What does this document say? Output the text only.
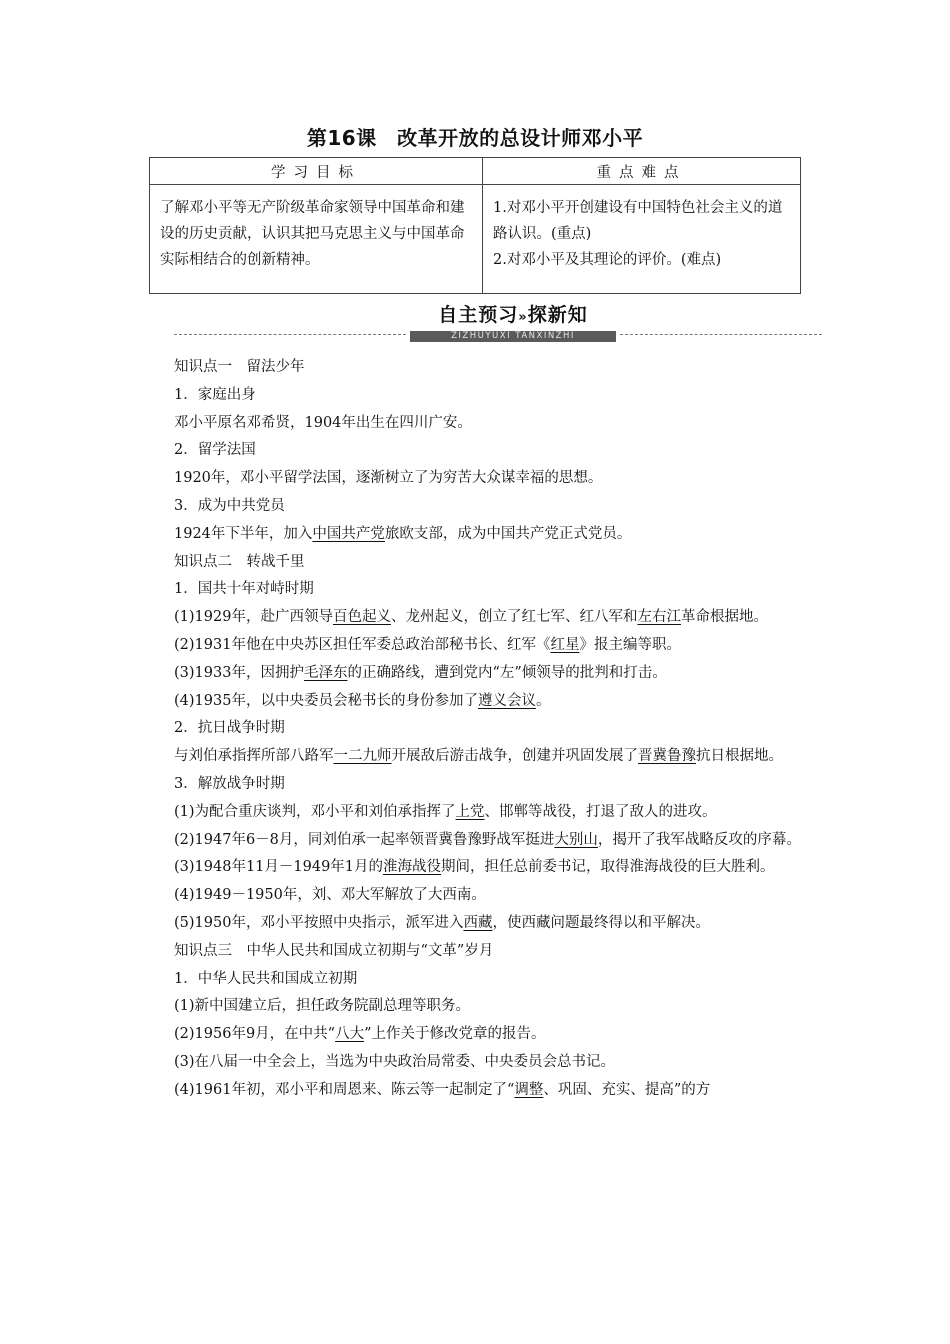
第16课　改革开放的总设计师邓小平
学习目标	重点难点
了解邓小平等无产阶级革命家领导中国革命和建设的历史贡献，认识其把马克思主义与中国革命实际相结合的创新精神。	1.对邓小平开创建设有中国特色社会主义的道路认识。(重点)
2.对邓小平及其理论的评价。(难点)
自主预习»探新知
ZIZHUYUXI TANXINZHI

知识点一　留法少年

1．家庭出身

邓小平原名邓希贤，1904年出生在四川广安。

2．留学法国

1920年，邓小平留学法国，逐渐树立了为穷苦大众谋幸福的思想。

3．成为中共党员

1924年下半年，加入中国共产党旅欧支部，成为中国共产党正式党员。

知识点二　转战千里

1．国共十年对峙时期

(1)1929年，赴广西领导百色起义、龙州起义，创立了红七军、红八军和左右江革命根据地。

(2)1931年他在中央苏区担任军委总政治部秘书长、红军《红星》报主编等职。

(3)1933年，因拥护毛泽东的正确路线，遭到党内“左”倾领导的批判和打击。

(4)1935年，以中央委员会秘书长的身份参加了遵义会议。

2．抗日战争时期

与刘伯承指挥所部八路军一二九师开展敌后游击战争，创建并巩固发展了晋冀鲁豫抗日根据地。

3．解放战争时期

(1)为配合重庆谈判，邓小平和刘伯承指挥了上党、邯郸等战役，打退了敌人的进攻。

(2)1947年6－8月，同刘伯承一起率领晋冀鲁豫野战军挺进大别山，揭开了我军战略反攻的序幕。

(3)1948年11月－1949年1月的淮海战役期间，担任总前委书记，取得淮海战役的巨大胜利。

(4)1949－1950年，刘、邓大军解放了大西南。

(5)1950年，邓小平按照中央指示，派军进入西藏，使西藏问题最终得以和平解决。

知识点三　中华人民共和国成立初期与“文革”岁月

1．中华人民共和国成立初期

(1)新中国建立后，担任政务院副总理等职务。

(2)1956年9月，在中共“八大”上作关于修改党章的报告。

(3)在八届一中全会上，当选为中央政治局常委、中央委员会总书记。

(4)1961年初，邓小平和周恩来、陈云等一起制定了“调整、巩固、充实、提高”的方
